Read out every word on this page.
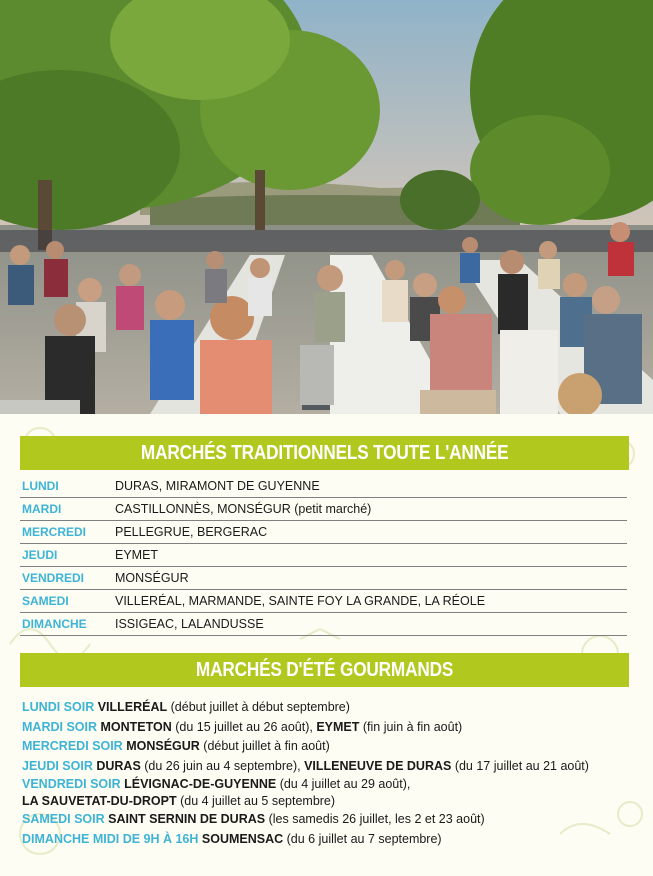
MARCHÉS TRADITIONNELS TOUTE L'ANNÉE
LUNDI	DURAS, MIRAMONT DE GUYENNE
MARDI	CASTILLONNÈS, MONSÉGUR (petit marché)
MERCREDI	PELLEGRUE, BERGERAC
JEUDI	EYMET
VENDREDI	MONSÉGUR
SAMEDI	VILLERÉAL, MARMANDE, SAINTE FOY LA GRANDE, LA RÉOLE
DIMANCHE	ISSIGEAC, LALANDUSSE
MARCHÉS D'ÉTÉ GOURMANDS
LUNDI SOIR VILLERÉAL (début juillet à début septembre)
MARDI SOIR MONTETON (du 15 juillet au 26 août), EYMET (fin juin à fin août)
MERCREDI SOIR MONSÉGUR (début juillet à fin août)
JEUDI SOIR DURAS (du 26 juin au 4 septembre), VILLENEUVE DE DURAS (du 17 juillet au 21 août)
VENDREDI SOIR LÉVIGNAC-DE-GUYENNE (du 4 juillet au 29 août),
LA SAUVETAT-DU-DROPT (du 4 juillet au 5 septembre)
SAMEDI SOIR SAINT SERNIN DE DURAS (les samedis 26 juillet, les 2 et 23 août)
DIMANCHE MIDI DE 9H À 16H SOUMENSAC (du 6 juillet au 7 septembre)
